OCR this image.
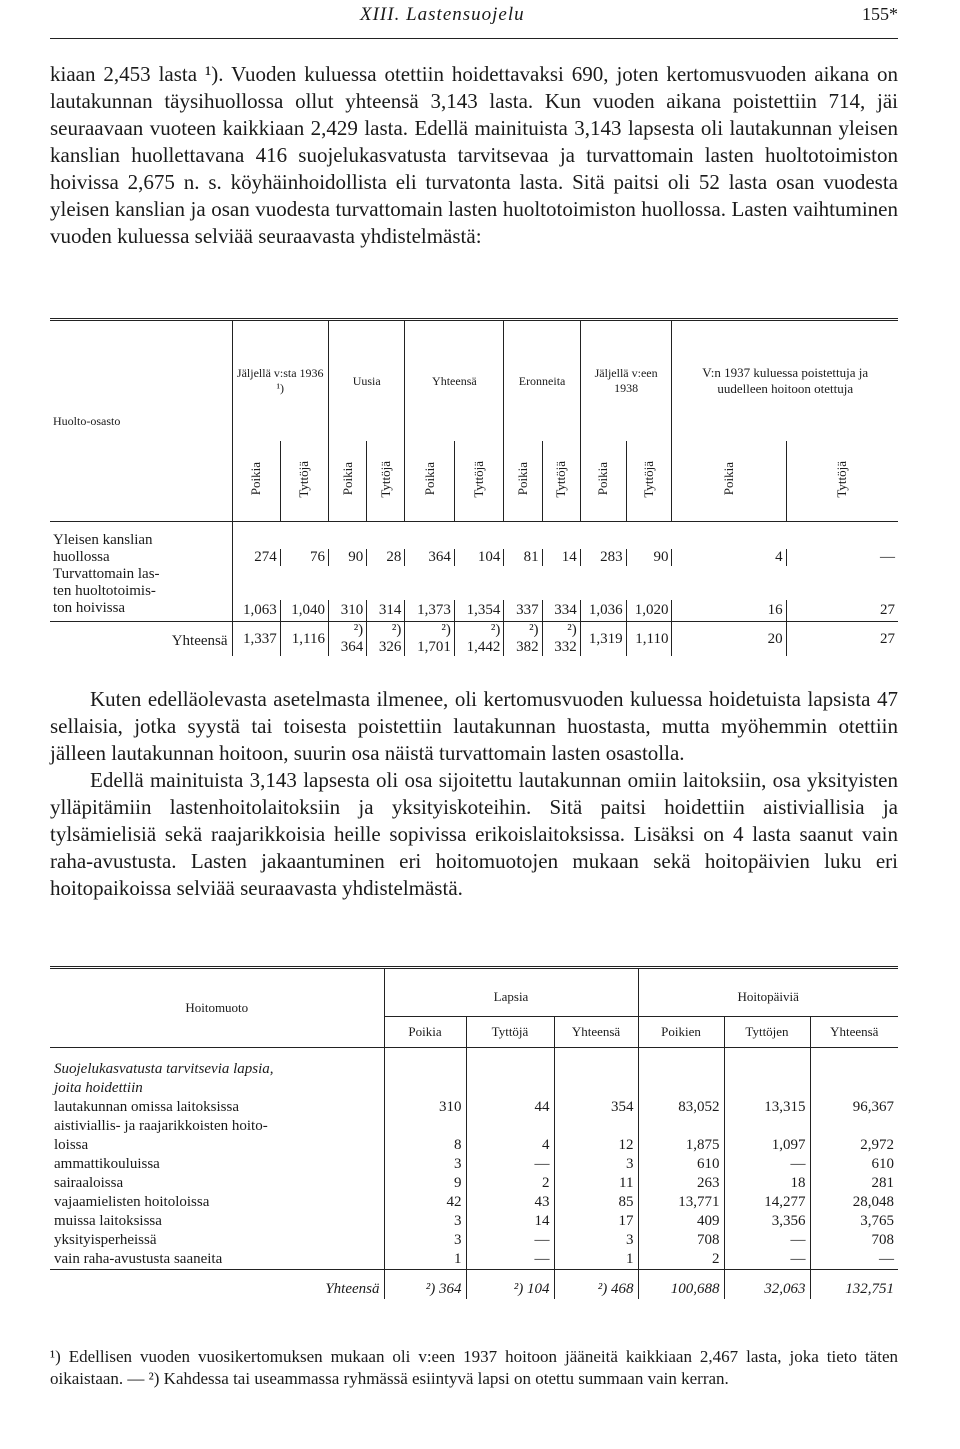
XIII. Lastensuojelu	155*

kiaan 2,453 lasta ¹). Vuoden kuluessa otettiin hoidettavaksi 690, joten kertomusvuoden aikana on lautakunnan täysihuollossa ollut yhteensä 3,143 lasta. Kun vuoden aikana poistettiin 714, jäi seuraavaan vuoteen kaikkiaan 2,429 lasta. Edellä mainituista 3,143 lapsesta oli lautakunnan yleisen kanslian huollettavana 416 suojelukasvatusta tarvitsevaa ja turvattomain lasten huoltotoimiston hoivissa 2,675 n. s. köyhäinhoidollista eli turvatonta lasta. Sitä paitsi oli 52 lasta osan vuodesta yleisen kanslian ja osan vuodesta turvattomain lasten huoltotoimiston huollossa. Lasten vaihtuminen vuoden kuluessa selviää seuraavasta yhdistelmästä:

Huolto-osasto	Jäljellä v:sta 1936 ¹)		Uusia		Yhteensä		Eronneita		Jäljellä v:een 1938		V:n 1937 kuluessa poistettuja ja uudelleen hoitoon otettuja	
	Poikia	Tyttöjä	Poikia	Tyttöjä	Poikia	Tyttöjä	Poikia	Tyttöjä	Poikia	Tyttöjä	Poikia	Tyttöjä
Yleisen kanslian												
huollossa	274	76	90	28	364	104	81	14	283	90	4	—
Turvattomain las-												
ten huoltotoimis-												
ton hoivissa	1,063	1,040	310	314	1,373	1,354	337	334	1,036	1,020	16	27
Yhteensä	1,337	1,116	²) 364	²) 326	²) 1,701	²) 1,442	²) 382	²) 332	1,319	1,110	20	27

Kuten edelläolevasta asetelmasta ilmenee, oli kertomusvuoden kuluessa hoidetuista lapsista 47 sellaisia, jotka syystä tai toisesta poistettiin lautakunnan huostasta, mutta myöhemmin otettiin jälleen lautakunnan hoitoon, suurin osa näistä turvattomain lasten osastolla.

Edellä mainituista 3,143 lapsesta oli osa sijoitettu lautakunnan omiin laitoksiin, osa yksityisten ylläpitämiin lastenhoitolaitoksiin ja yksityiskoteihin. Sitä paitsi hoidettiin aistiviallisia ja tylsämielisiä sekä raajarikkoisia heille sopivissa erikoislaitoksissa. Lisäksi on 4 lasta saanut vain raha-avustusta. Lasten jakaantuminen eri hoitomuotojen mukaan sekä hoitopäivien luku eri hoitopaikoissa selviää seuraavasta yhdistelmästä.

Hoitomuoto	Lapsia			Hoitopäiviä		
	Poikia	Tyttöjä	Yhteensä	Poikien	Tyttöjen	Yhteensä
Suojelukasvatusta tarvitsevia lapsia,						
joita hoidettiin						
lautakunnan omissa laitoksissa	310	44	354	83,052	13,315	96,367
aistiviallis- ja raajarikkoisten hoito-						
loissa	8	4	12	1,875	1,097	2,972
ammattikouluissa	3	—	3	610	—	610
sairaaloissa	9	2	11	263	18	281
vajaamielisten hoitoloissa	42	43	85	13,771	14,277	28,048
muissa laitoksissa	3	14	17	409	3,356	3,765
yksityisperheissä	3	—	3	708	—	708
vain raha-avustusta saaneita	1	—	1	2	—	—
Yhteensä	²) 364	²) 104	²) 468	100,688	32,063	132,751
¹) Edellisen vuoden vuosikertomuksen mukaan oli v:een 1937 hoitoon jääneitä kaikkiaan 2,467 lasta, joka tieto täten oikaistaan. — ²) Kahdessa tai useammassa ryhmässä esiintyvä lapsi on otettu summaan vain kerran.
